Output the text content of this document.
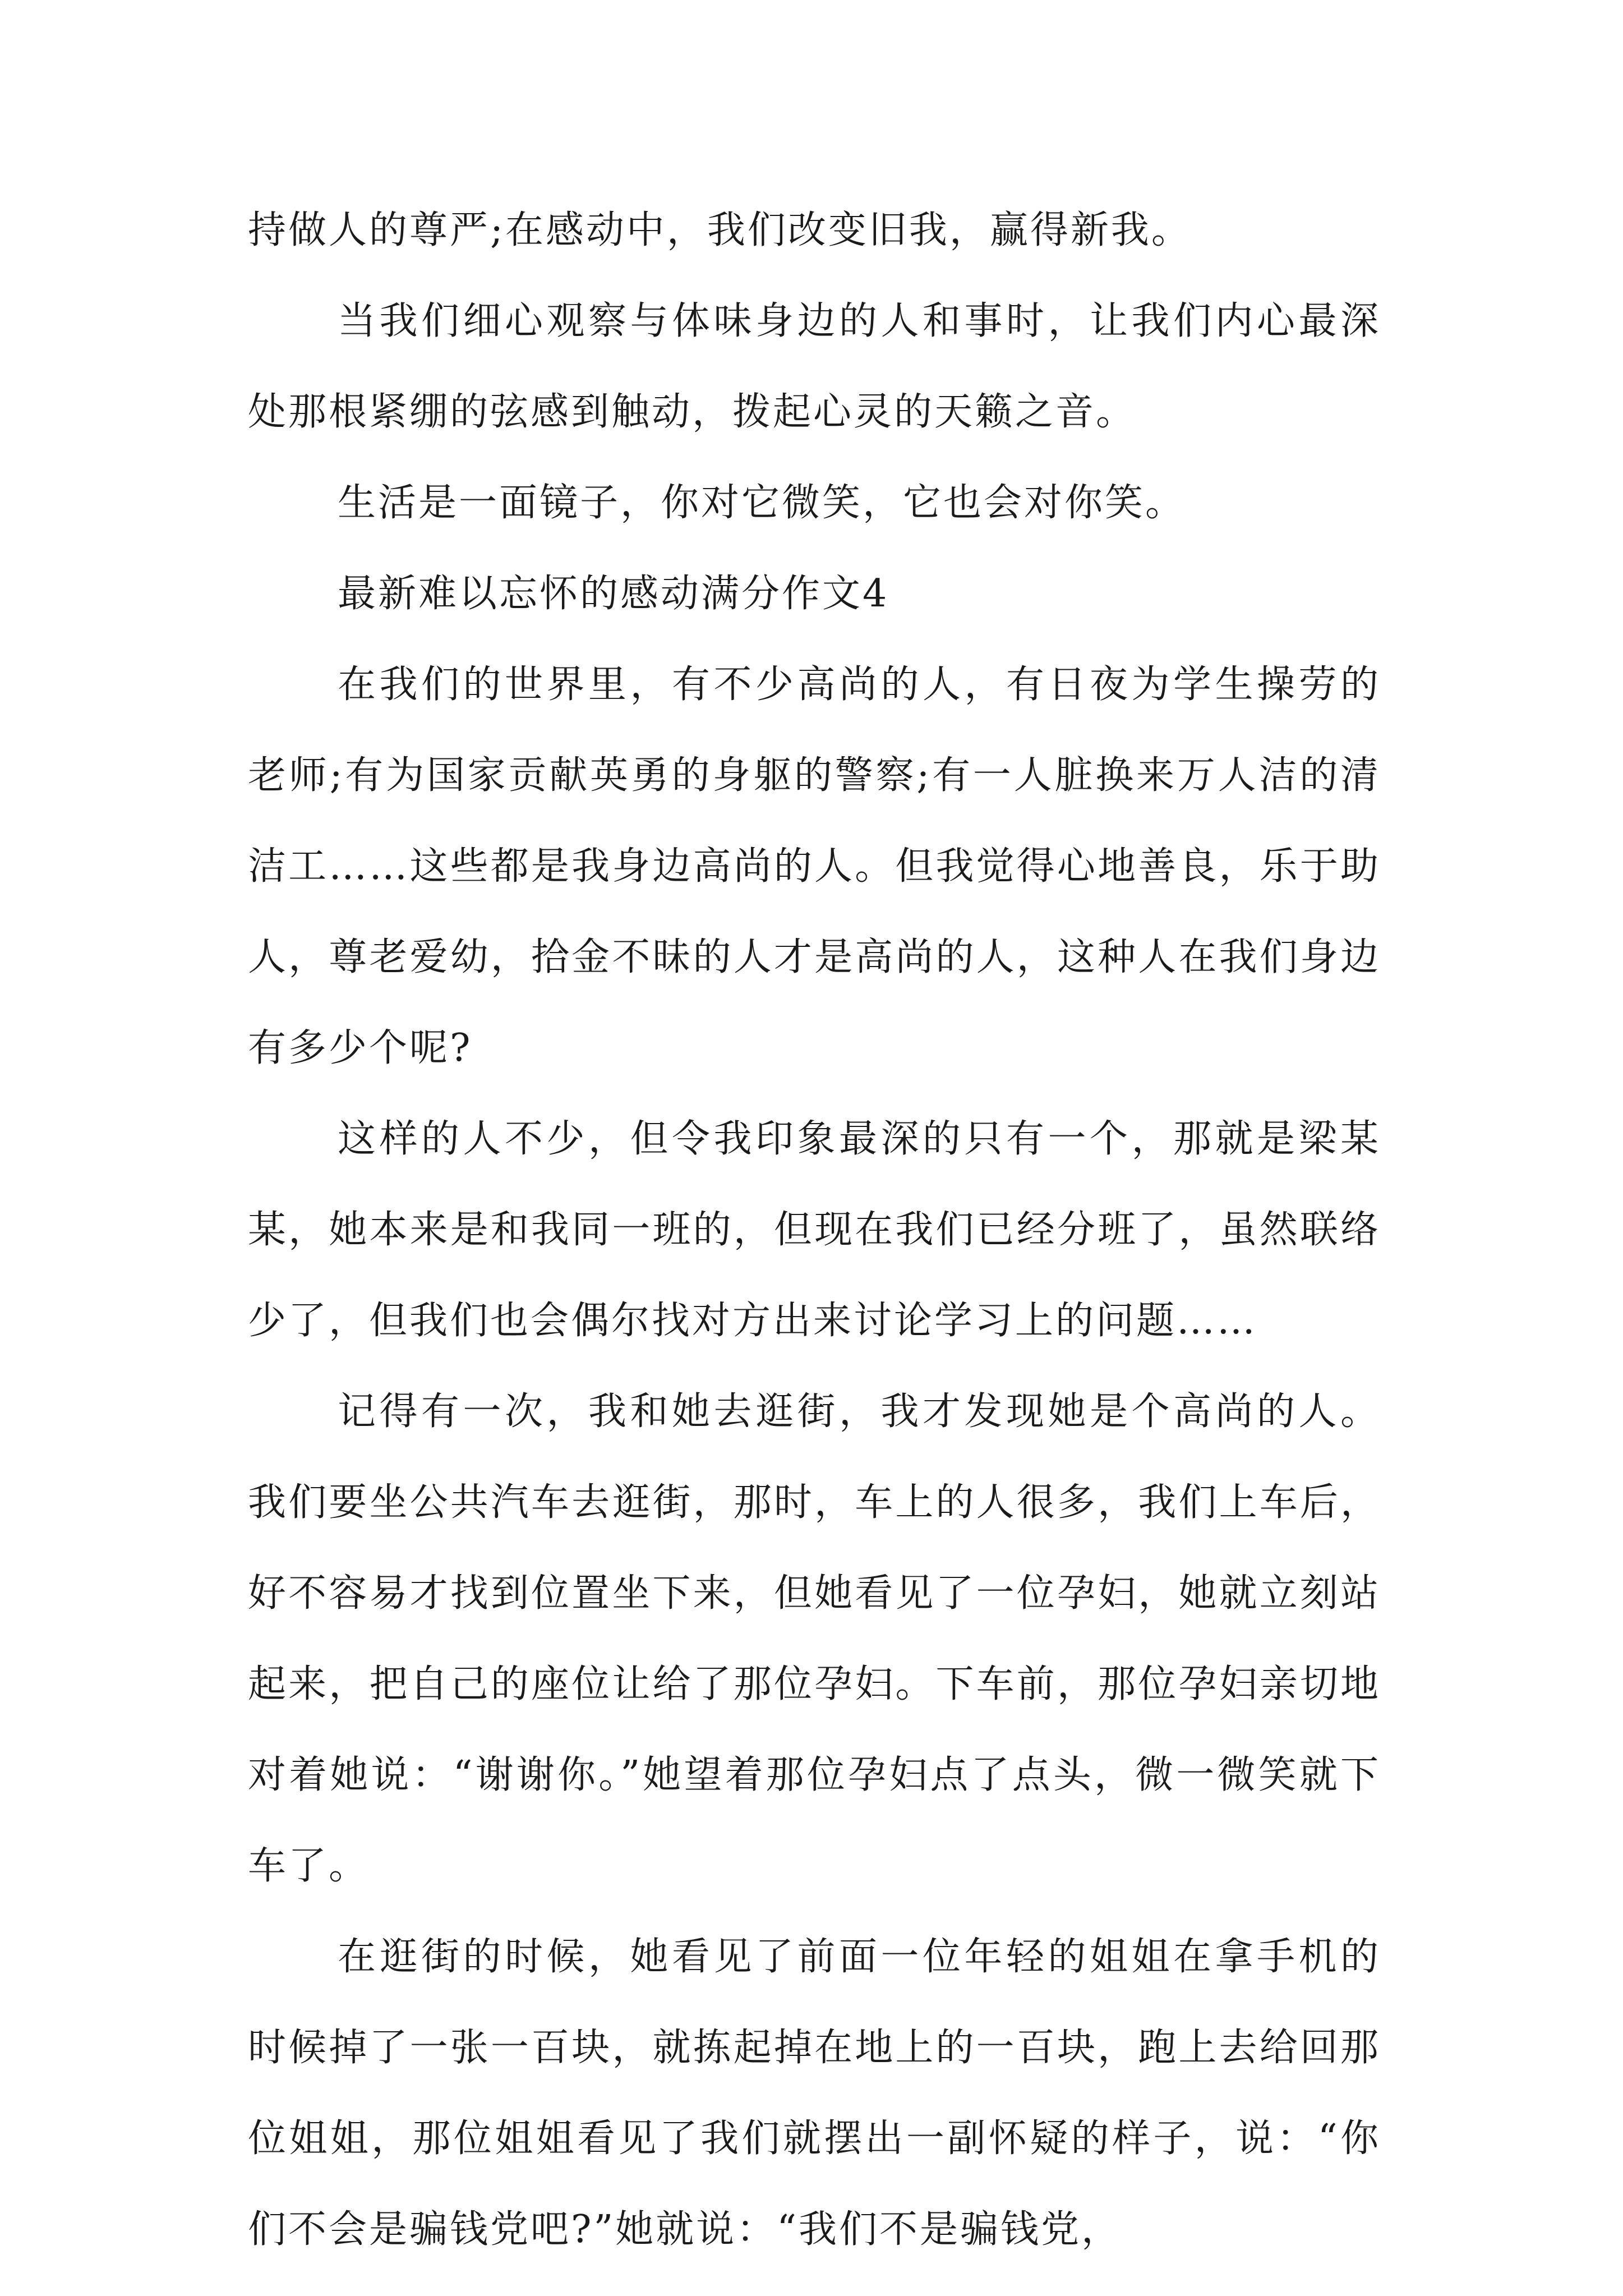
持做人的尊严;在感动中，我们改变旧我，赢得新我。

当我们细心观察与体味身边的人和事时，让我们内心最深处那根紧绷的弦感到触动，拨起心灵的天籁之音。

生活是一面镜子，你对它微笑，它也会对你笑。

最新难以忘怀的感动满分作文4

在我们的世界里，有不少高尚的人，有日夜为学生操劳的老师;有为国家贡献英勇的身躯的警察;有一人脏换来万人洁的清洁工……这些都是我身边高尚的人。但我觉得心地善良，乐于助人，尊老爱幼，拾金不昧的人才是高尚的人，这种人在我们身边有多少个呢?

这样的人不少，但令我印象最深的只有一个，那就是梁某某，她本来是和我同一班的，但现在我们已经分班了，虽然联络少了，但我们也会偶尔找对方出来讨论学习上的问题……

记得有一次，我和她去逛街，我才发现她是个高尚的人。我们要坐公共汽车去逛街，那时，车上的人很多，我们上车后，好不容易才找到位置坐下来，但她看见了一位孕妇，她就立刻站起来，把自己的座位让给了那位孕妇。下车前，那位孕妇亲切地对着她说：“谢谢你。”她望着那位孕妇点了点头，微一微笑就下车了。

在逛街的时候，她看见了前面一位年轻的姐姐在拿手机的时候掉了一张一百块，就拣起掉在地上的一百块，跑上去给回那位姐姐，那位姐姐看见了我们就摆出一副怀疑的样子，说：“你们不会是骗钱党吧?”她就说：“我们不是骗钱党，
